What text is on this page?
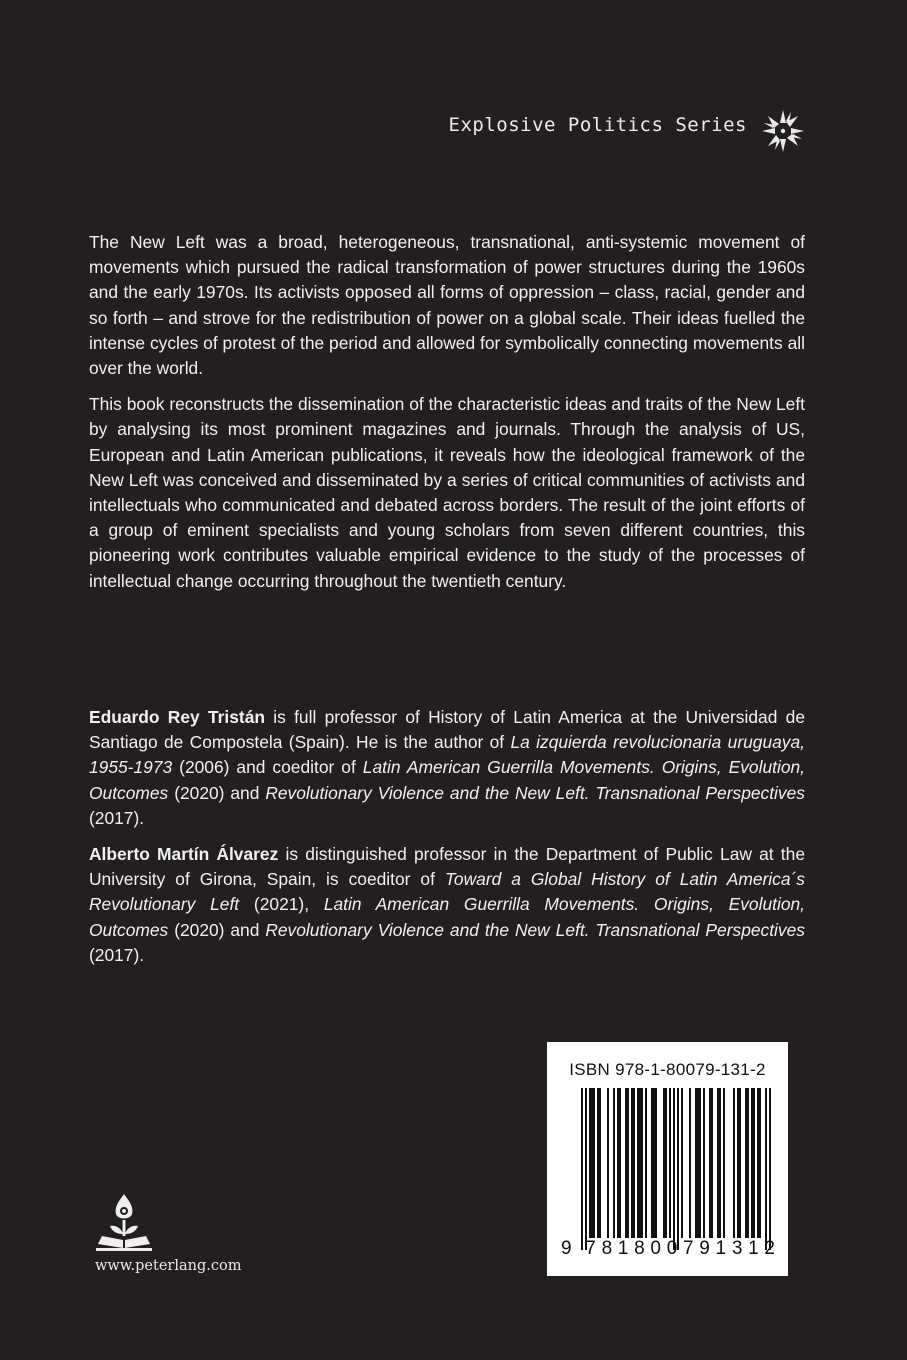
Explosive Politics Series

The New Left was a broad, heterogeneous, transnational, anti-systemic movement of movements which pursued the radical transformation of power structures during the 1960s and the early 1970s. Its activists opposed all forms of oppression – class, racial, gender and so forth – and strove for the redistribution of power on a global scale. Their ideas fuelled the intense cycles of protest of the period and allowed for symbolically connecting movements all over the world.

This book reconstructs the dissemination of the characteristic ideas and traits of the New Left by analysing its most prominent magazines and journals. Through the analysis of US, European and Latin American publications, it reveals how the ideological framework of the New Left was conceived and disseminated by a series of critical communities of activists and intellectuals who communicated and debated across borders. The result of the joint efforts of a group of eminent specialists and young scholars from seven different countries, this pioneering work contributes valuable empirical evidence to the study of the processes of intellectual change occurring throughout the twentieth century.

Eduardo Rey Tristán is full professor of History of Latin America at the Universidad de Santiago de Compostela (Spain). He is the author of La izquierda revolucionaria uruguaya, 1955-1973 (2006) and coeditor of Latin American Guerrilla Movements. Origins, Evolution, Outcomes (2020) and Revolutionary Violence and the New Left. Transnational Perspectives (2017).

Alberto Martín Álvarez is distinguished professor in the Department of Public Law at the University of Girona, Spain, is coeditor of Toward a Global History of Latin America´s Revolutionary Left (2021), Latin American Guerrilla Movements. Origins, Evolution, Outcomes (2020) and Revolutionary Violence and the New Left. Transnational Perspectives (2017).

ISBN 978-1-80079-131-2
9 7 8 1 8 0 0 7 9 1 3 1 2
www.peterlang.com
